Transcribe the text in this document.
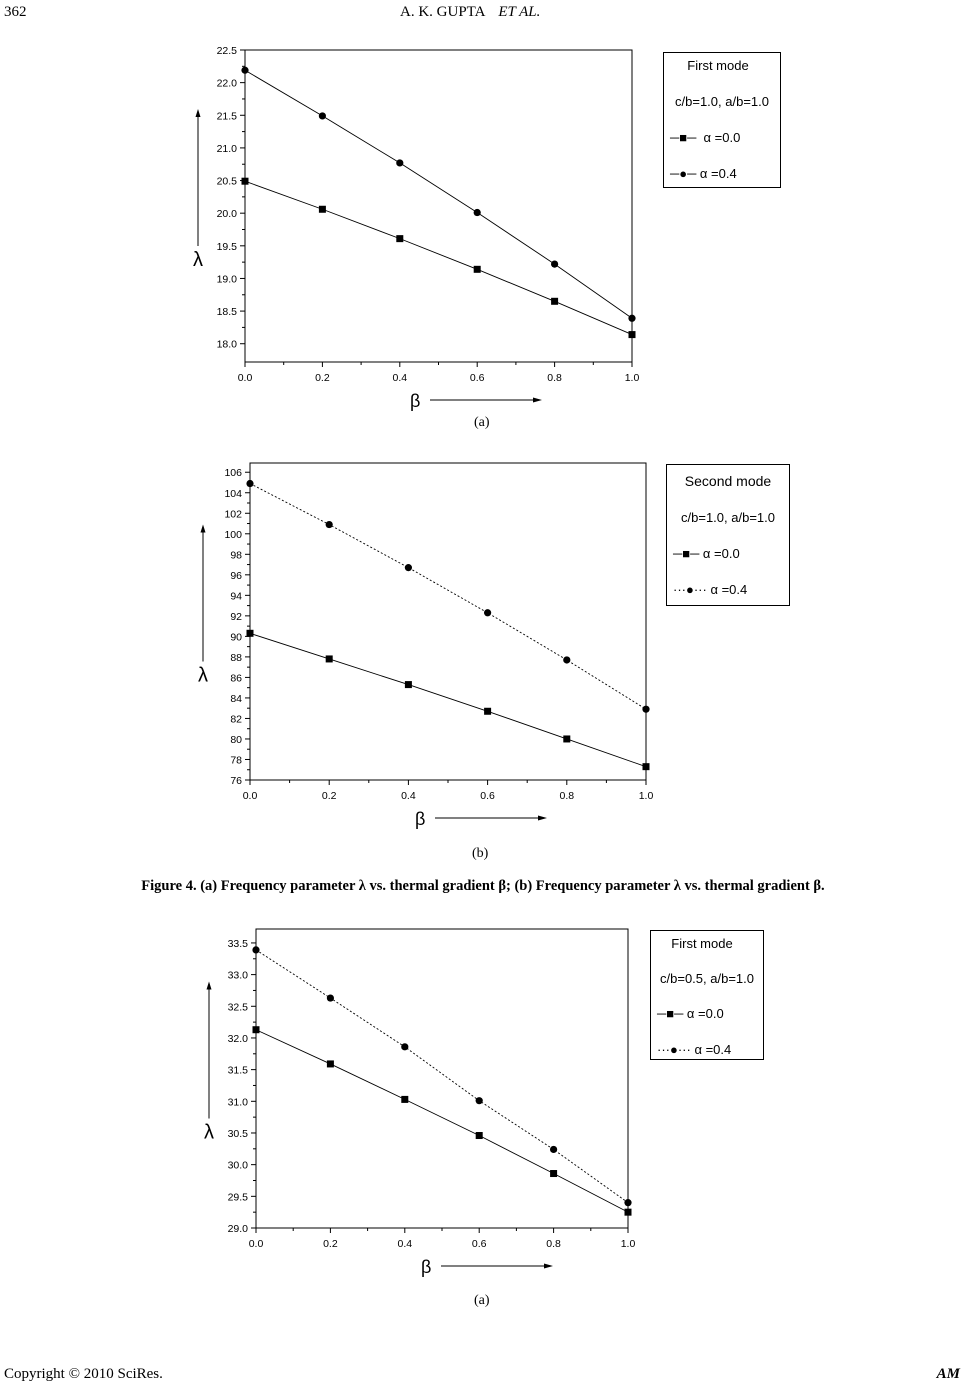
362	A. K. GUPTA ET AL.
0.0	0.2	0.4	0.6	0.8	1.0
18.0
18.5
19.0
19.5
20.0
20.5
21.0
21.5
22.0
22.5
λ
β
0.0	0.2	0.4	0.6	0.8	1.0
76
78
80
82
84
86
88
90
92
94
96
98
100
102
104
106
λ
β
0.0	0.2	0.4	0.6	0.8	1.0
29.0
29.5
30.0
30.5
31.0
31.5
32.0
32.5
33.0
33.5
λ
β
First mode
c/b=1.0, a/b=1.0
─■─ α =0.0
─●─ α =0.4
(a)
Second mode
c/b=1.0, a/b=1.0
─■─ α =0.0
···●··· α =0.4
(b)
Figure 4. (a) Frequency parameter λ vs. thermal gradient β; (b) Frequency parameter λ vs. thermal gradient β.
First mode
c/b=0.5, a/b=1.0
─■─ α =0.0
···●··· α =0.4
(a)
Copyright © 2010 SciRes.	AM
